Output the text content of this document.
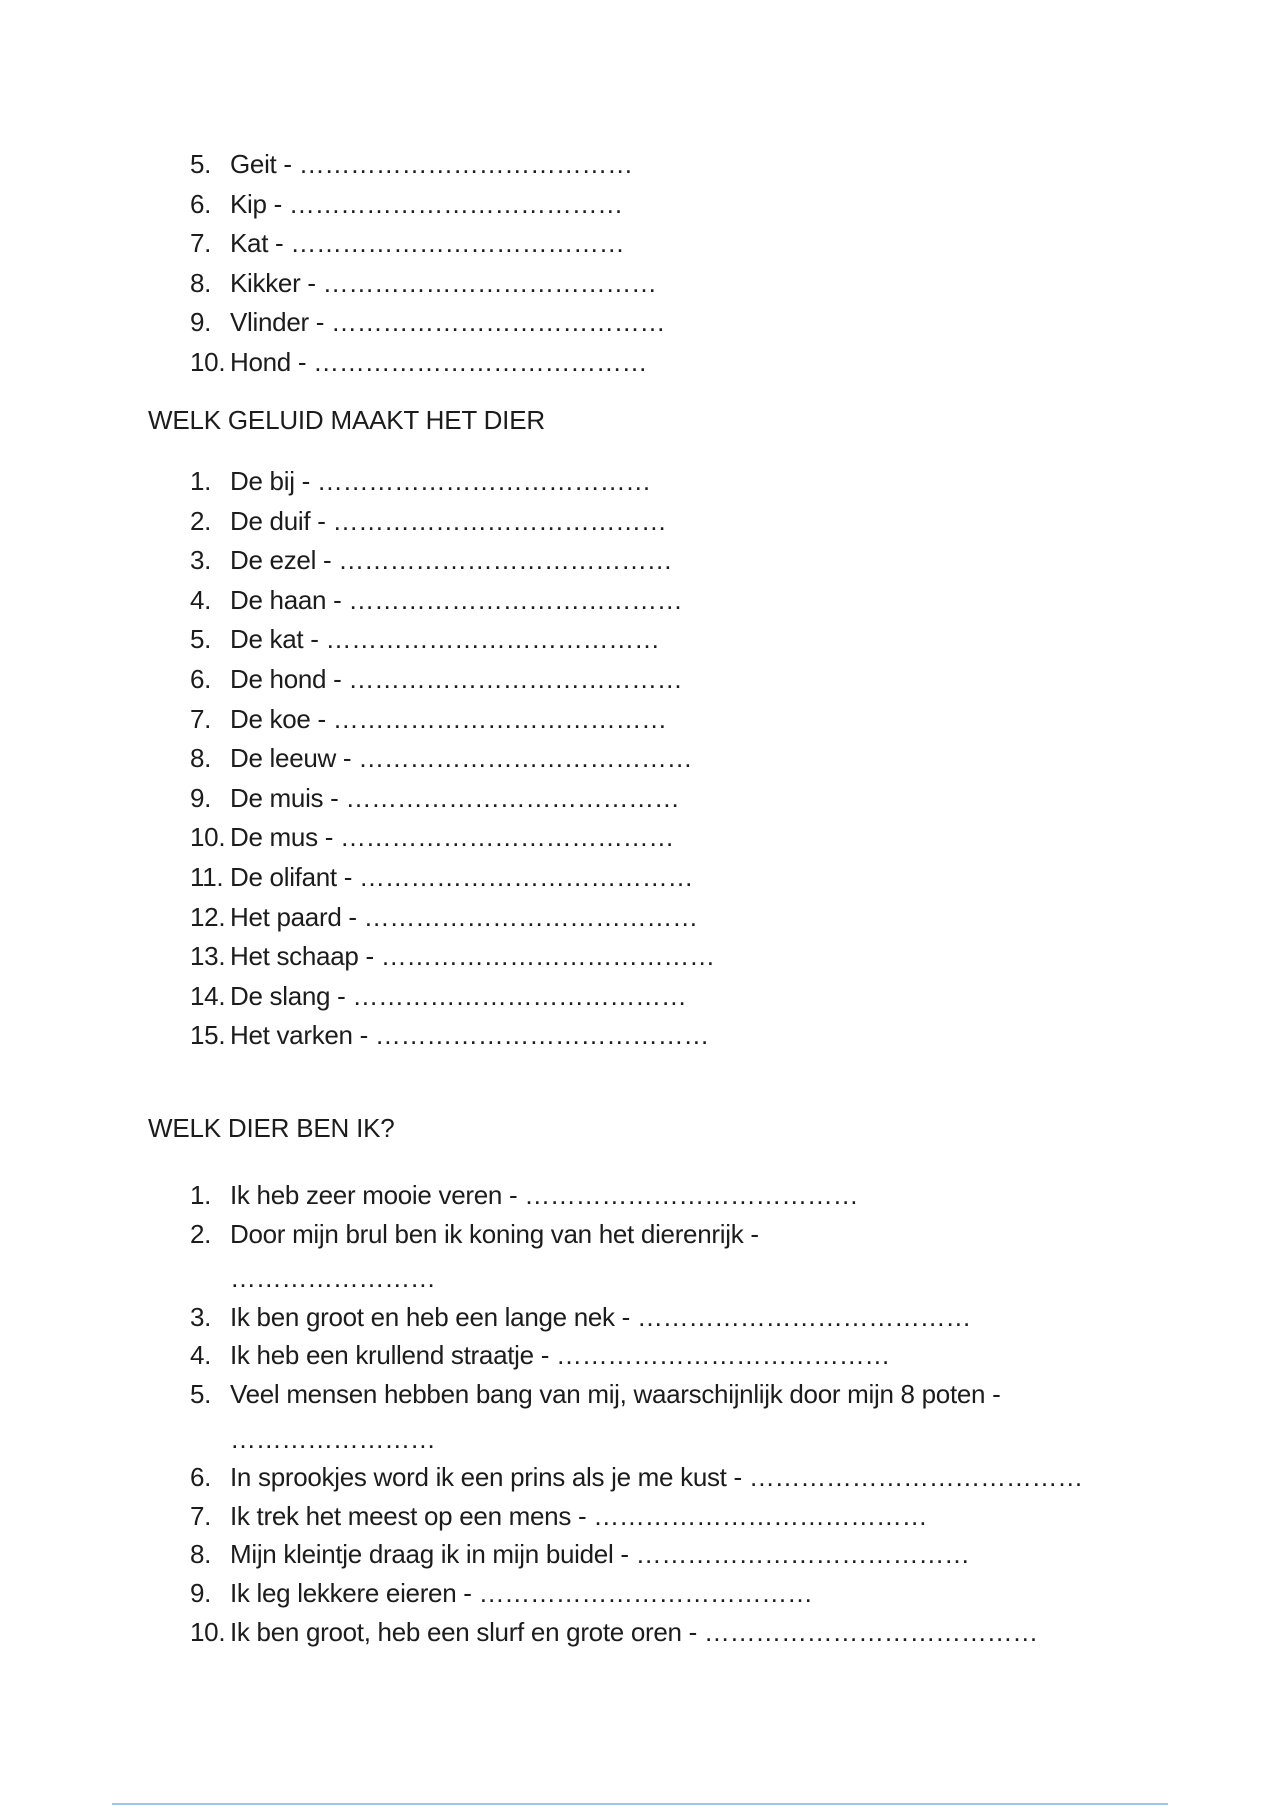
5. Geit - …………………………………
6. Kip - …………………………………
7. Kat - …………………………………
8. Kikker - …………………………………
9. Vlinder - …………………………………
10. Hond - …………………………………
WELK GELUID MAAKT HET DIER
1. De bij - …………………………………
2. De duif - …………………………………
3. De ezel - …………………………………
4. De haan - …………………………………
5. De kat - …………………………………
6. De hond - …………………………………
7. De koe - …………………………………
8. De leeuw - …………………………………
9. De muis - …………………………………
10. De mus - …………………………………
11. De olifant - …………………………………
12. Het paard - …………………………………
13. Het schaap - …………………………………
14. De slang - …………………………………
15. Het varken - …………………………………
WELK DIER BEN IK?
1. Ik heb zeer mooie veren - …………………………………
2. Door mijn brul ben ik koning van het dierenrijk -
……………………
3. Ik ben groot en heb een lange nek - …………………………………
4. Ik heb een krullend straatje - …………………………………
5. Veel mensen hebben bang van mij, waarschijnlijk door mijn 8 poten -
……………………
6. In sprookjes word ik een prins als je me kust - …………………………………
7. Ik trek het meest op een mens - …………………………………
8. Mijn kleintje draag ik in mijn buidel - …………………………………
9. Ik leg lekkere eieren - …………………………………
10. Ik ben groot, heb een slurf en grote oren - …………………………………
